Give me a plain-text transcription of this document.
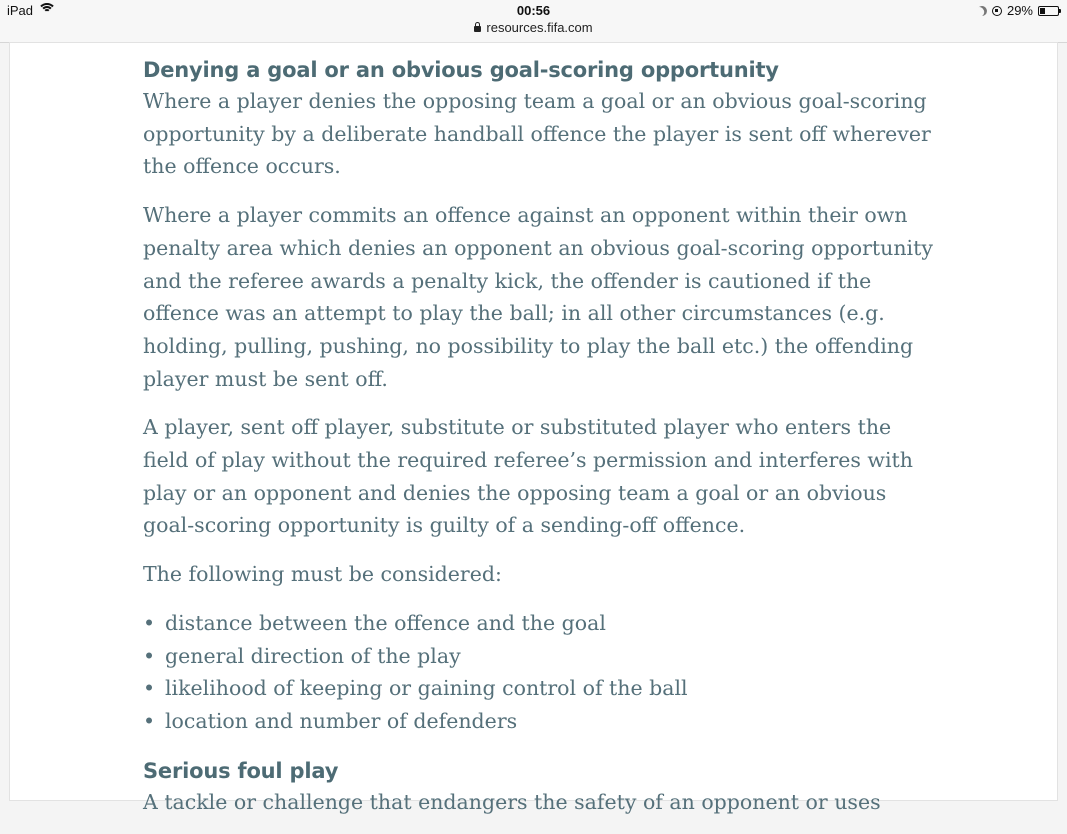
iPad	00:56
resources.fifa.com
29%
Denying a goal or an obvious goal-scoring opportunity

Where a player denies the opposing team a goal or an obvious goal-scoring opportunity by a deliberate handball offence the player is sent off wherever the offence occurs.

Where a player commits an offence against an opponent within their own penalty area which denies an opponent an obvious goal-scoring opportunity and the referee awards a penalty kick, the offender is cautioned if the offence was an attempt to play the ball; in all other circumstances (e.g. holding, pulling, pushing, no possibility to play the ball etc.) the offending player must be sent off.

A player, sent off player, substitute or substituted player who enters the field of play without the required referee’s permission and interferes with play or an opponent and denies the opposing team a goal or an obvious goal-scoring opportunity is guilty of a sending-off offence.

The following must be considered:

• distance between the offence and the goal
• general direction of the play
• likelihood of keeping or gaining control of the ball
• location and number of defenders
Serious foul play

A tackle or challenge that endangers the safety of an opponent or uses
